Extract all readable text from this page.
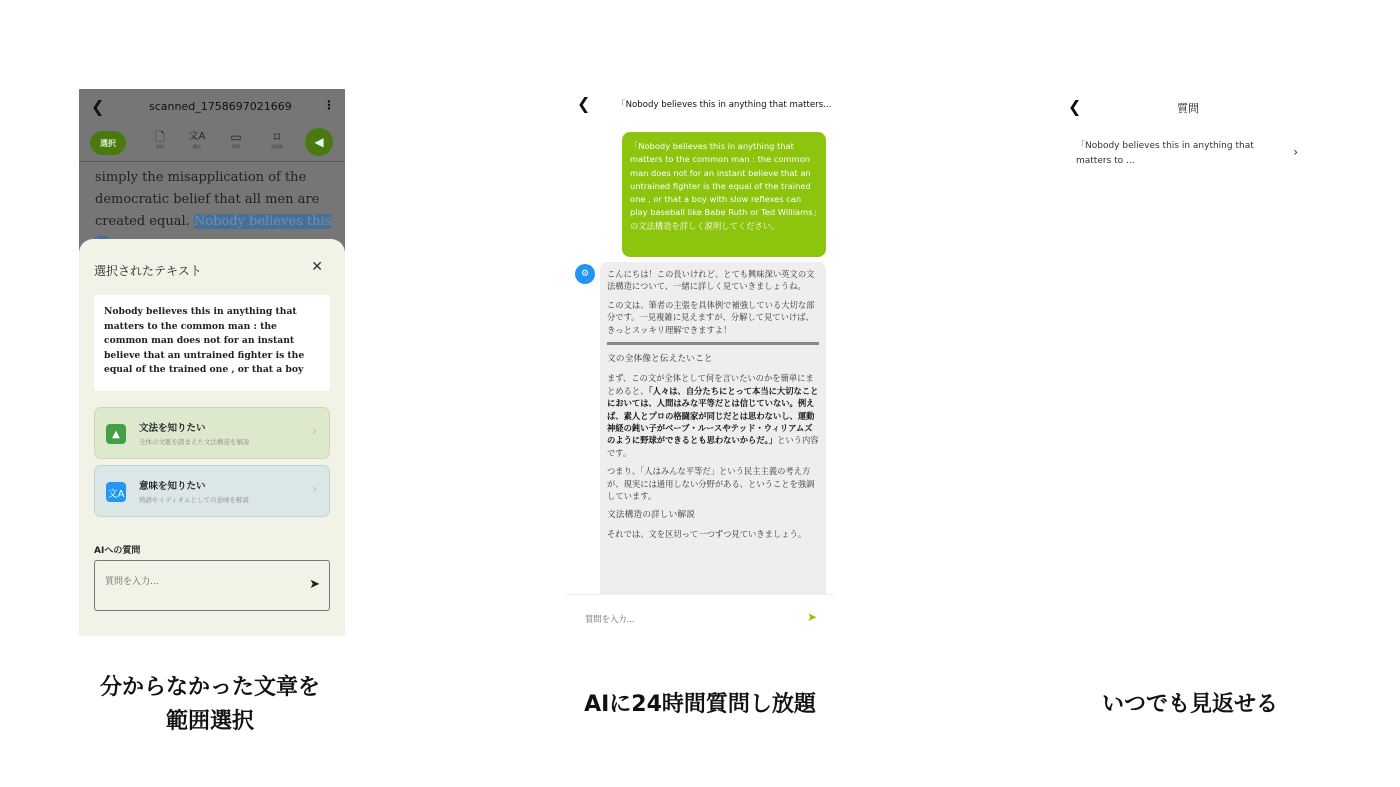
❮	scanned_1758697021669	⋮
選択	🗋
要約
文A
翻訳
▭
質問
⌑
単語帳	◀
simply the misapplication of the
democratic belief that all men are
created equal. Nobody believes this
選択されたテキスト	✕
Nobody believes this in anything that matters to the common man : the common man does not for an instant believe that an untrained fighter is the equal of the trained one , or that a boy
▲	文法を知りたい
全体の文脈を踏まえた文法構造を解説
›
文A
意味を知りたい
熟語やイディオムとしての意味を解説
›
AIへの質問
質問を入力...	➤
❮	「Nobody believes this in anything that matters...
「Nobody believes this in anything that matters to the common man : the common man does not for an instant believe that an untrained fighter is the equal of the trained one , or that a boy with slow reflexes can play baseball like Babe Ruth or Ted Williams」の文法構造を詳しく説明してください。
⚙	こんにちは！この長いけれど、とても興味深い英文の文法構造について、一緒に詳しく見ていきましょうね。

この文は、筆者の主張を具体例で補強している大切な部分です。一見複雑に見えますが、分解して見ていけば、きっとスッキリ理解できますよ！

文の全体像と伝えたいこと

まず、この文が全体として何を言いたいのかを簡単にまとめると、「人々は、自分たちにとって本当に大切なことにおいては、人間はみな平等だとは信じていない。例えば、素人とプロの格闘家が同じだとは思わないし、運動神経の鈍い子がベーブ・ルースやテッド・ウィリアムズのように野球ができるとも思わないからだ。」という内容です。

つまり、「人はみんな平等だ」という民主主義の考え方が、現実には通用しない分野がある、ということを強調しています。

文法構造の詳しい解説

それでは、文を区切って一つずつ見ていきましょう。

質問を入力...	➤
❮	質問
「Nobody believes this in anything that matters to ...
›
分からなかった文章を
範囲選択
AIに24時間質問し放題	いつでも見返せる
